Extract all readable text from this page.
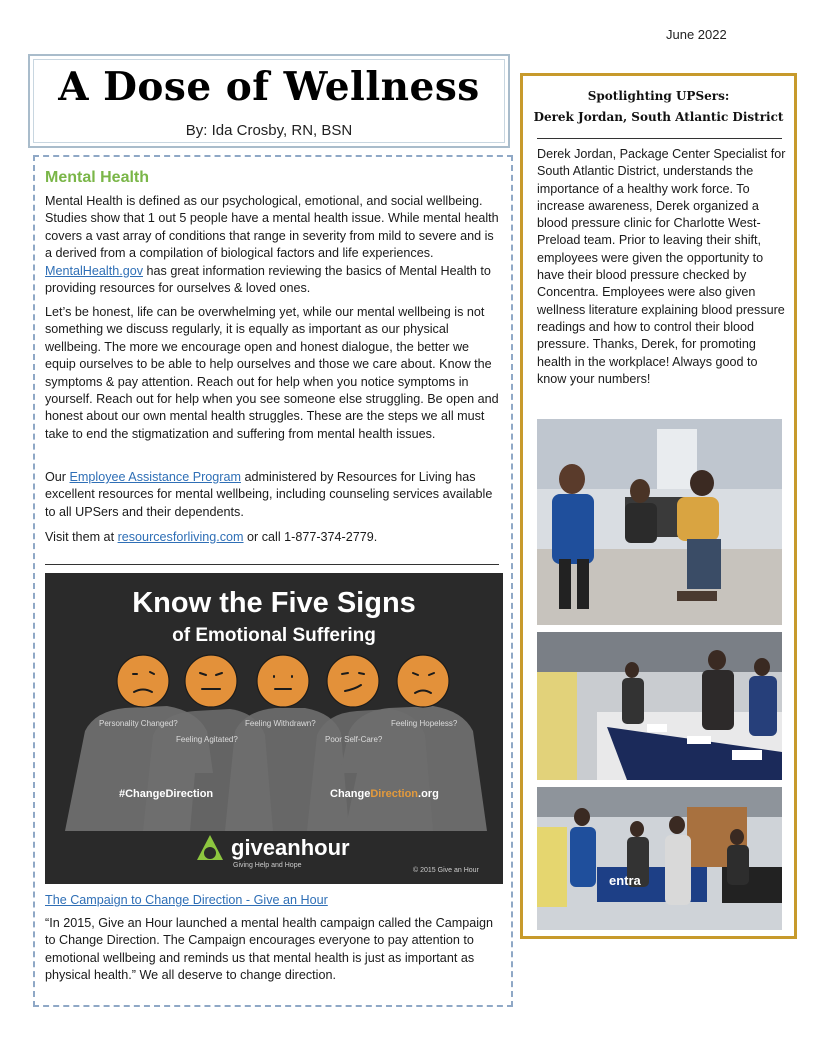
June 2022
A Dose of Wellness
By: Ida Crosby, RN, BSN
Mental Health

Mental Health is defined as our psychological, emotional, and social wellbeing. Studies show that 1 out 5 people have a mental health issue. While mental health covers a vast array of conditions that range in severity from mild to severe and is a derived from a compilation of biological factors and life experiences. MentalHealth.gov has great information reviewing the basics of Mental Health to providing resources for ourselves & loved ones.

Let’s be honest, life can be overwhelming yet, while our mental wellbeing is not something we discuss regularly, it is equally as important as our physical wellbeing. The more we encourage open and honest dialogue, the better we equip ourselves to be able to help ourselves and those we care about. Know the symptoms & pay attention. Reach out for help when you notice symptoms in yourself. Reach out for help when you see someone else struggling. Be open and honest about our own mental health struggles. These are the steps we all must take to end the stigmatization and suffering from mental health issues.

Our Employee Assistance Program administered by Resources for Living has excellent resources for mental wellbeing, including counseling services available to all UPSers and their dependents.

Visit them at resourcesforliving.com or call 1-877-374-2779.

Know the Five Signs
of Emotional Suffering
Personality Changed?
Feeling Agitated?
Feeling Withdrawn?
Poor Self-Care?
Feeling Hopeless?
#ChangeDirection	ChangeDirection.org
giveanhour
Giving Help and Hope
© 2015 Give an Hour
The Campaign to Change Direction - Give an Hour

“In 2015, Give an Hour launched a mental health campaign called the Campaign to Change Direction. The Campaign encourages everyone to pay attention to emotional wellbeing and reminds us that mental health is just as important as physical health.” We all deserve to change direction.

Spotlighting UPSers:
Derek Jordan, South Atlantic District
Derek Jordan, Package Center Specialist for South Atlantic District, understands the importance of a healthy work force. To increase awareness, Derek organized a blood pressure clinic for Charlotte West-Preload team. Prior to leaving their shift, employees were given the opportunity to have their blood pressure checked by Concentra. Employees were also given wellness literature explaining blood pressure readings and how to control their blood pressure. Thanks, Derek, for promoting health in the workplace! Always good to know your numbers!
entra
